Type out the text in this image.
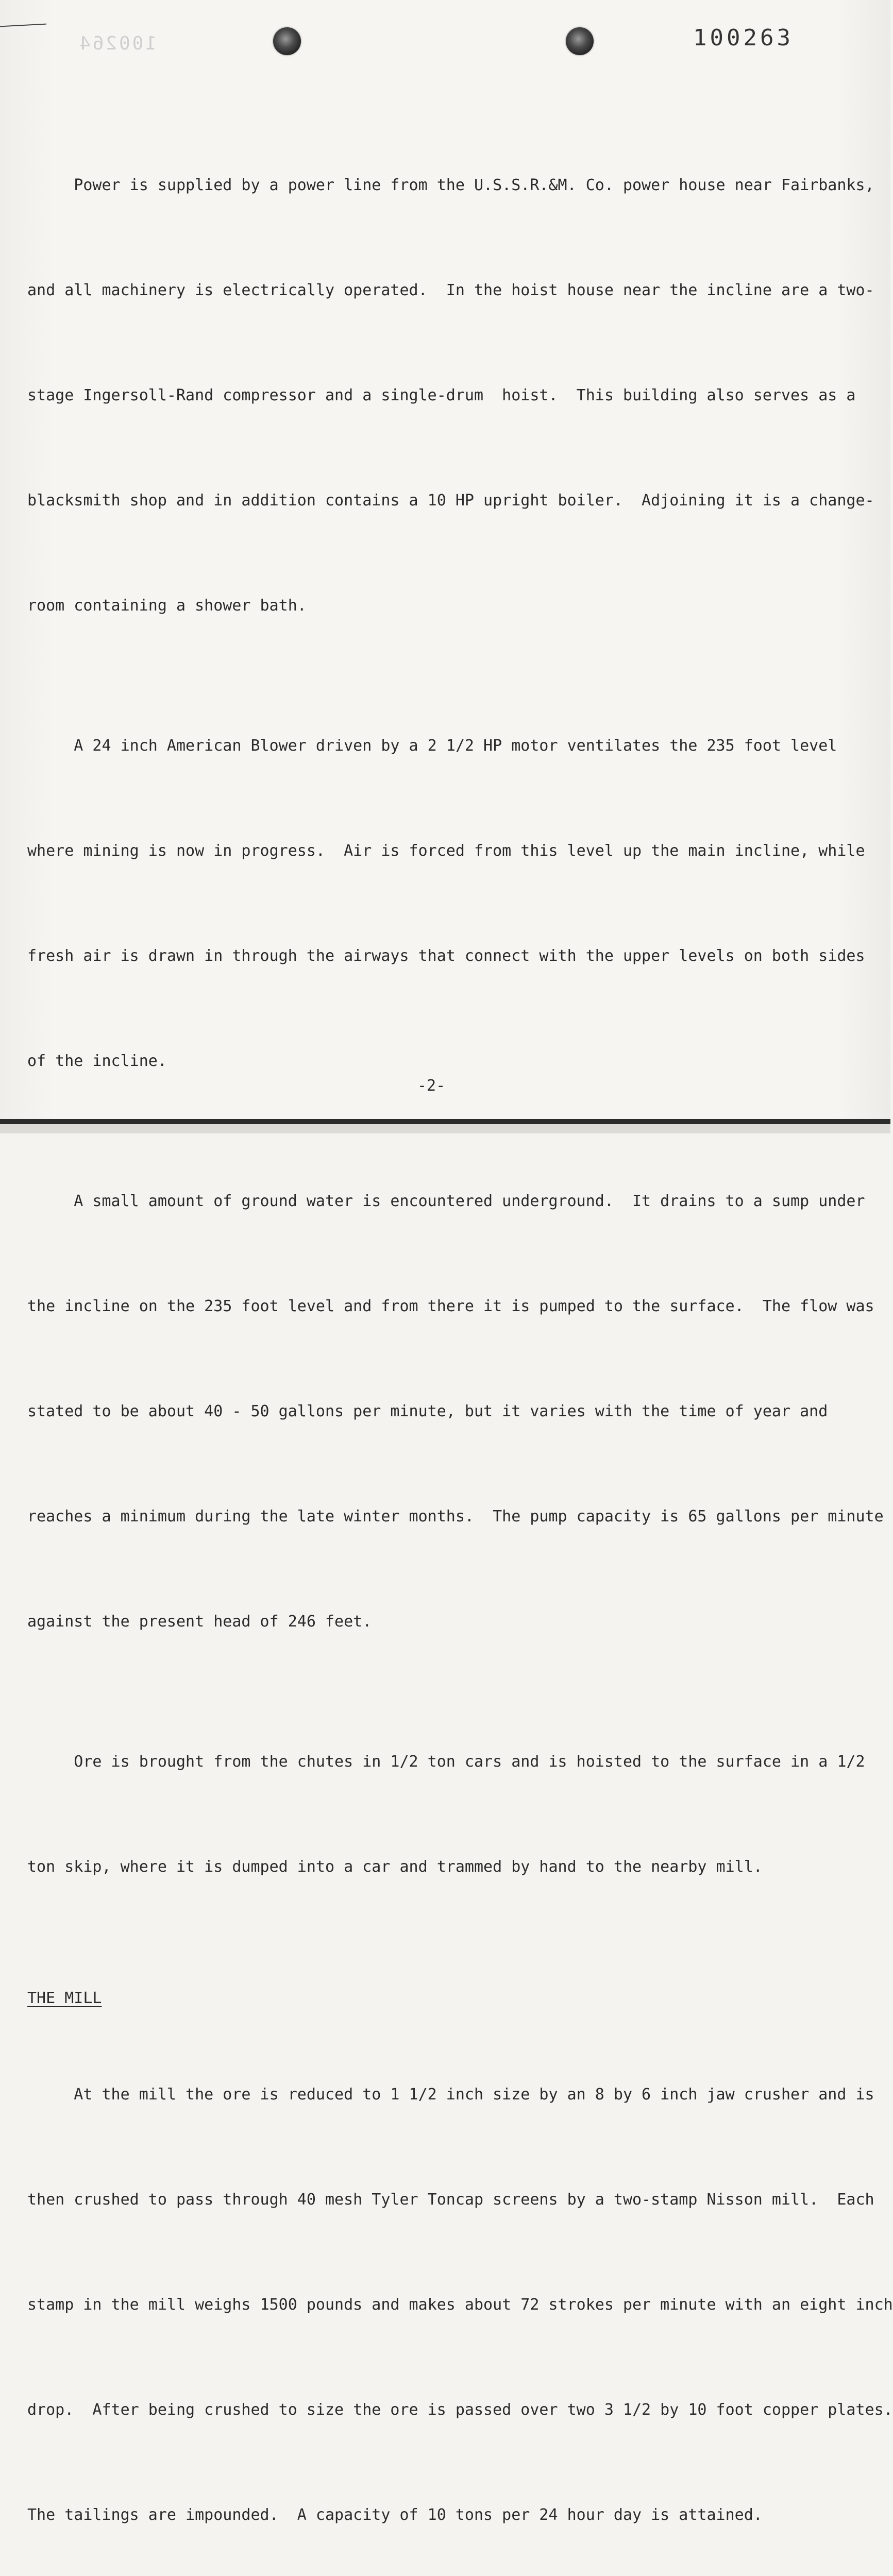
100264	100263

Power is supplied by a power line from the U.S.S.R.&M. Co. power house near Fairbanks,

and all machinery is electrically operated.  In the hoist house near the incline are a two-

stage Ingersoll-Rand compressor and a single-drum  hoist.  This building also serves as a

blacksmith shop and in addition contains a 10 HP upright boiler.  Adjoining it is a change-

room containing a shower bath.

A 24 inch American Blower driven by a 2 1/2 HP motor ventilates the 235 foot level

where mining is now in progress.  Air is forced from this level up the main incline, while

fresh air is drawn in through the airways that connect with the upper levels on both sides

of the incline.

A small amount of ground water is encountered underground.  It drains to a sump under

the incline on the 235 foot level and from there it is pumped to the surface.  The flow was

stated to be about 40 - 50 gallons per minute, but it varies with the time of year and

reaches a minimum during the late winter months.  The pump capacity is 65 gallons per minute

against the present head of 246 feet.

Ore is brought from the chutes in 1/2 ton cars and is hoisted to the surface in a 1/2

ton skip, where it is dumped into a car and trammed by hand to the nearby mill.

THE MILL

At the mill the ore is reduced to 1 1/2 inch size by an 8 by 6 inch jaw crusher and is

then crushed to pass through 40 mesh Tyler Toncap screens by a two-stamp Nisson mill.  Each

stamp in the mill weighs 1500 pounds and makes about 72 strokes per minute with an eight inch

drop.  After being crushed to size the ore is passed over two 3 1/2 by 10 foot copper plates.

The tailings are impounded.  A capacity of 10 tons per 24 hour day is attained.

-2-
